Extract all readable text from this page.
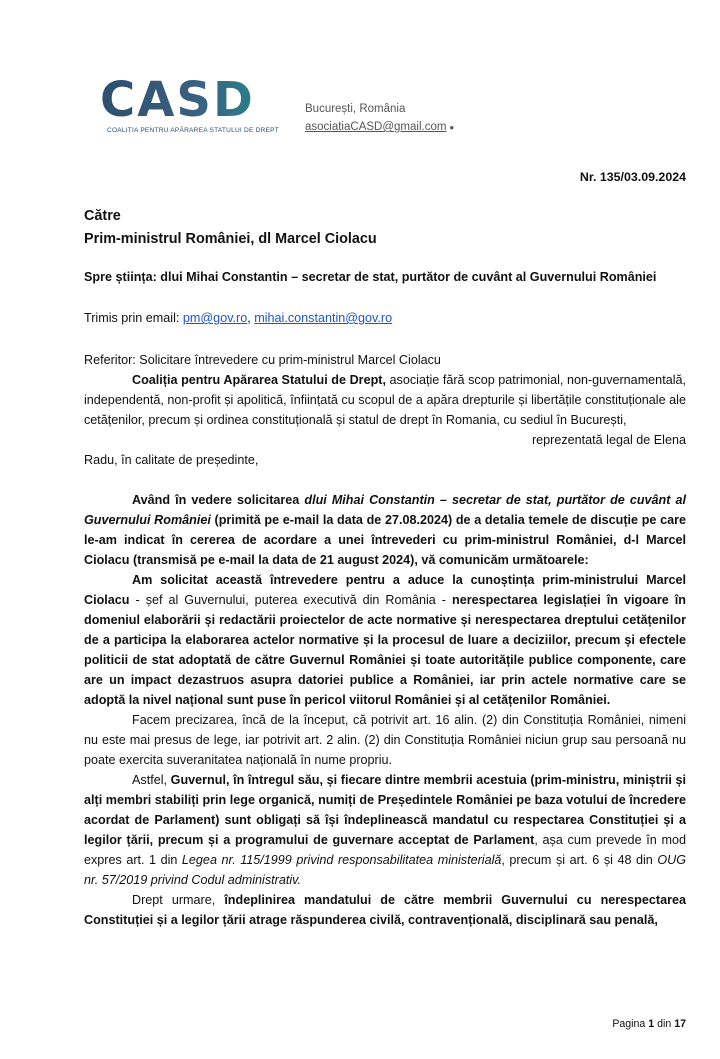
CASD
COALIȚIA PENTRU APĂRAREA STATULUI DE DREPT
București, România
asociatiaCASD@gmail.com ●
Nr. 135/03.09.2024
Către
Prim-ministrul României, dl Marcel Ciolacu
Spre știința: dlui Mihai Constantin – secretar de stat, purtător de cuvânt al Guvernului României
Trimis prin email: pm@gov.ro, mihai.constantin@gov.ro

Referitor: Solicitare întrevedere cu prim-ministrul Marcel Ciolacu

Coaliția pentru Apărarea Statului de Drept, asociație fără scop patrimonial, non-guvernamentală, independentă, non-profit și apolitică, înființată cu scopul de a apăra drepturile și libertățile constituționale ale cetățenilor, precum și ordinea constituțională și statul de drept în Romania, cu sediul în București,

reprezentată legal de Elena

Radu, în calitate de președinte,

Având în vedere solicitarea dlui Mihai Constantin – secretar de stat, purtător de cuvânt al Guvernului României (primită pe e-mail la data de 27.08.2024) de a detalia temele de discuție pe care le-am indicat în cererea de acordare a unei întrevederi cu prim-ministrul României, d-l Marcel Ciolacu (transmisă pe e-mail la data de 21 august 2024), vă comunicăm următoarele:

Am solicitat această întrevedere pentru a aduce la cunoștința prim-ministrului Marcel Ciolacu - șef al Guvernului, puterea executivă din România - nerespectarea legislației în vigoare în domeniul elaborării și redactării proiectelor de acte normative și nerespectarea dreptului cetățenilor de a participa la elaborarea actelor normative și la procesul de luare a deciziilor, precum și efectele politicii de stat adoptată de către Guvernul României și toate autoritățile publice componente, care are un impact dezastruos asupra datoriei publice a României, iar prin actele normative care se adoptă la nivel național sunt puse în pericol viitorul României și al cetățenilor României.

Facem precizarea, încă de la început, că potrivit art. 16 alin. (2) din Constituția României, nimeni nu este mai presus de lege, iar potrivit art. 2 alin. (2) din Constituția României niciun grup sau persoană nu poate exercita suveranitatea națională în nume propriu.

Astfel, Guvernul, în întregul său, și fiecare dintre membrii acestuia (prim-ministru, miniștrii și alți membri stabiliți prin lege organică, numiți de Președintele României pe baza votului de încredere acordat de Parlament) sunt obligați să își îndeplinească mandatul cu respectarea Constituției și a legilor țării, precum și a programului de guvernare acceptat de Parlament, așa cum prevede în mod expres art. 1 din Legea nr. 115/1999 privind responsabilitatea ministerială, precum și art. 6 și 48 din OUG nr. 57/2019 privind Codul administrativ.

Drept urmare, îndeplinirea mandatului de către membrii Guvernului cu nerespectarea Constituției și a legilor țării atrage răspunderea civilă, contravențională, disciplinară sau penală,

Pagina 1 din 17
